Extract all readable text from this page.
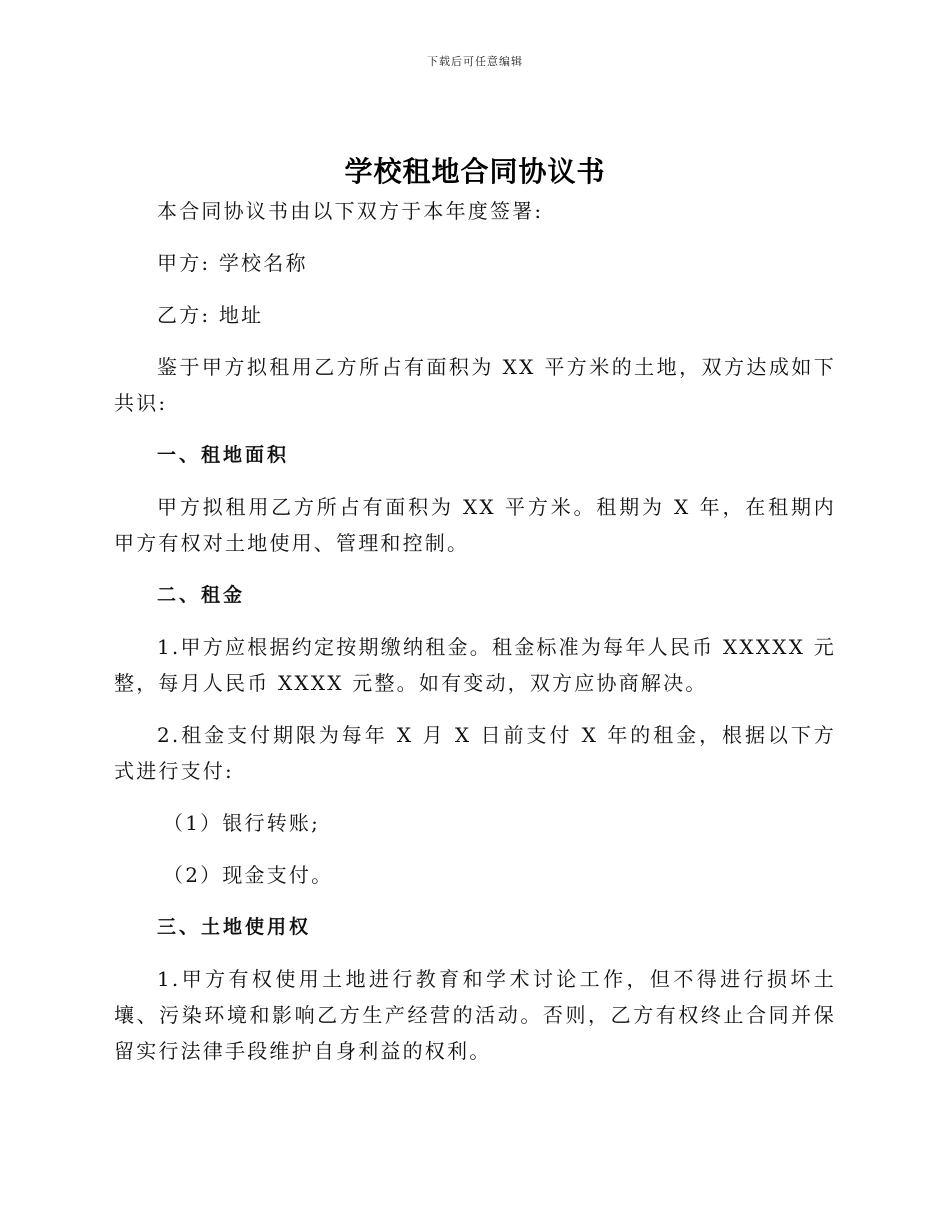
下载后可任意编辑
学校租地合同协议书

本合同协议书由以下双方于本年度签署:

甲方: 学校名称

乙方: 地址

鉴于甲方拟租用乙方所占有面积为 XX 平方米的土地，双方达成如下共识:

一、租地面积

甲方拟租用乙方所占有面积为 XX 平方米。租期为 X 年，在租期内甲方有权对土地使用、管理和控制。

二、租金

1.甲方应根据约定按期缴纳租金。租金标准为每年人民币 XXXXX 元整，每月人民币 XXXX 元整。如有变动，双方应协商解决。

2.租金支付期限为每年 X 月 X 日前支付 X 年的租金，根据以下方式进行支付:

（1）银行转账;
（2）现金支付。
三、土地使用权

1.甲方有权使用土地进行教育和学术讨论工作，但不得进行损坏土壤、污染环境和影响乙方生产经营的活动。否则，乙方有权终止合同并保留实行法律手段维护自身利益的权利。
